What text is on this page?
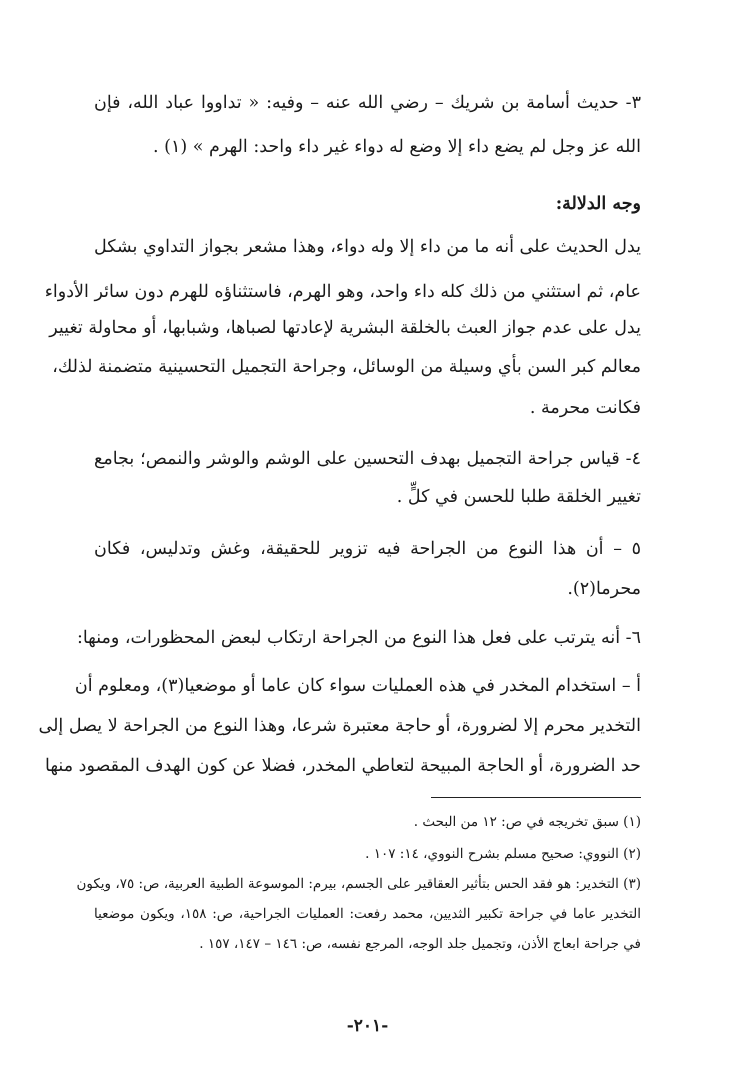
٣- حديث أسامة بن شريك – رضي الله عنه – وفيه: « تداووا عباد الله، فإن
الله عز وجل لم يضع داء إلا وضع له دواء غير داء واحد: الهرم » (١) .
وجه الدلالة:
يدل الحديث على أنه ما من داء إلا وله دواء، وهذا مشعر بجواز التداوي بشكل
عام، ثم استثني من ذلك كله داء واحد، وهو الهرم، فاستثناؤه للهرم دون سائر الأدواء
يدل على عدم جواز العبث بالخلقة البشرية لإعادتها لصباها، وشبابها، أو محاولة تغيير
معالم كبر السن بأي وسيلة من الوسائل، وجراحة التجميل التحسينية متضمنة لذلك،
فكانت محرمة .
٤- قياس جراحة التجميل بهدف التحسين على الوشم والوشر والنمص؛ بجامع
تغيير الخلقة طلبا للحسن في كلٍّ .
٥ – أن هذا النوع من الجراحة فيه تزوير للحقيقة، وغش وتدليس، فكان
محرما(٢).
٦- أنه يترتب على فعل هذا النوع من الجراحة ارتكاب لبعض المحظورات، ومنها:
أ – استخدام المخدر في هذه العمليات سواء كان عاما أو موضعيا(٣)، ومعلوم أن
التخدير محرم إلا لضرورة، أو حاجة معتبرة شرعا، وهذا النوع من الجراحة لا يصل إلى
حد الضرورة، أو الحاجة المبيحة لتعاطي المخدر، فضلا عن كون الهدف المقصود منها
(١) سبق تخريجه في ص: ١٢ من البحث .
(٢) النووي: صحيح مسلم بشرح النووي، ١٤: ١٠٧ .
(٣) التخدير: هو فقد الحس بتأثير العقاقير على الجسم، بيرم: الموسوعة الطبية العربية، ص: ٧٥، ويكون
التخدير عاما في جراحة تكبير الثديين، محمد رفعت: العمليات الجراحية، ص: ١٥٨، ويكون موضعيا
في جراحة ابعاج الأذن، وتجميل جلد الوجه، المرجع نفسه، ص: ١٤٦ – ١٤٧، ١٥٧ .
-٢٠١-
